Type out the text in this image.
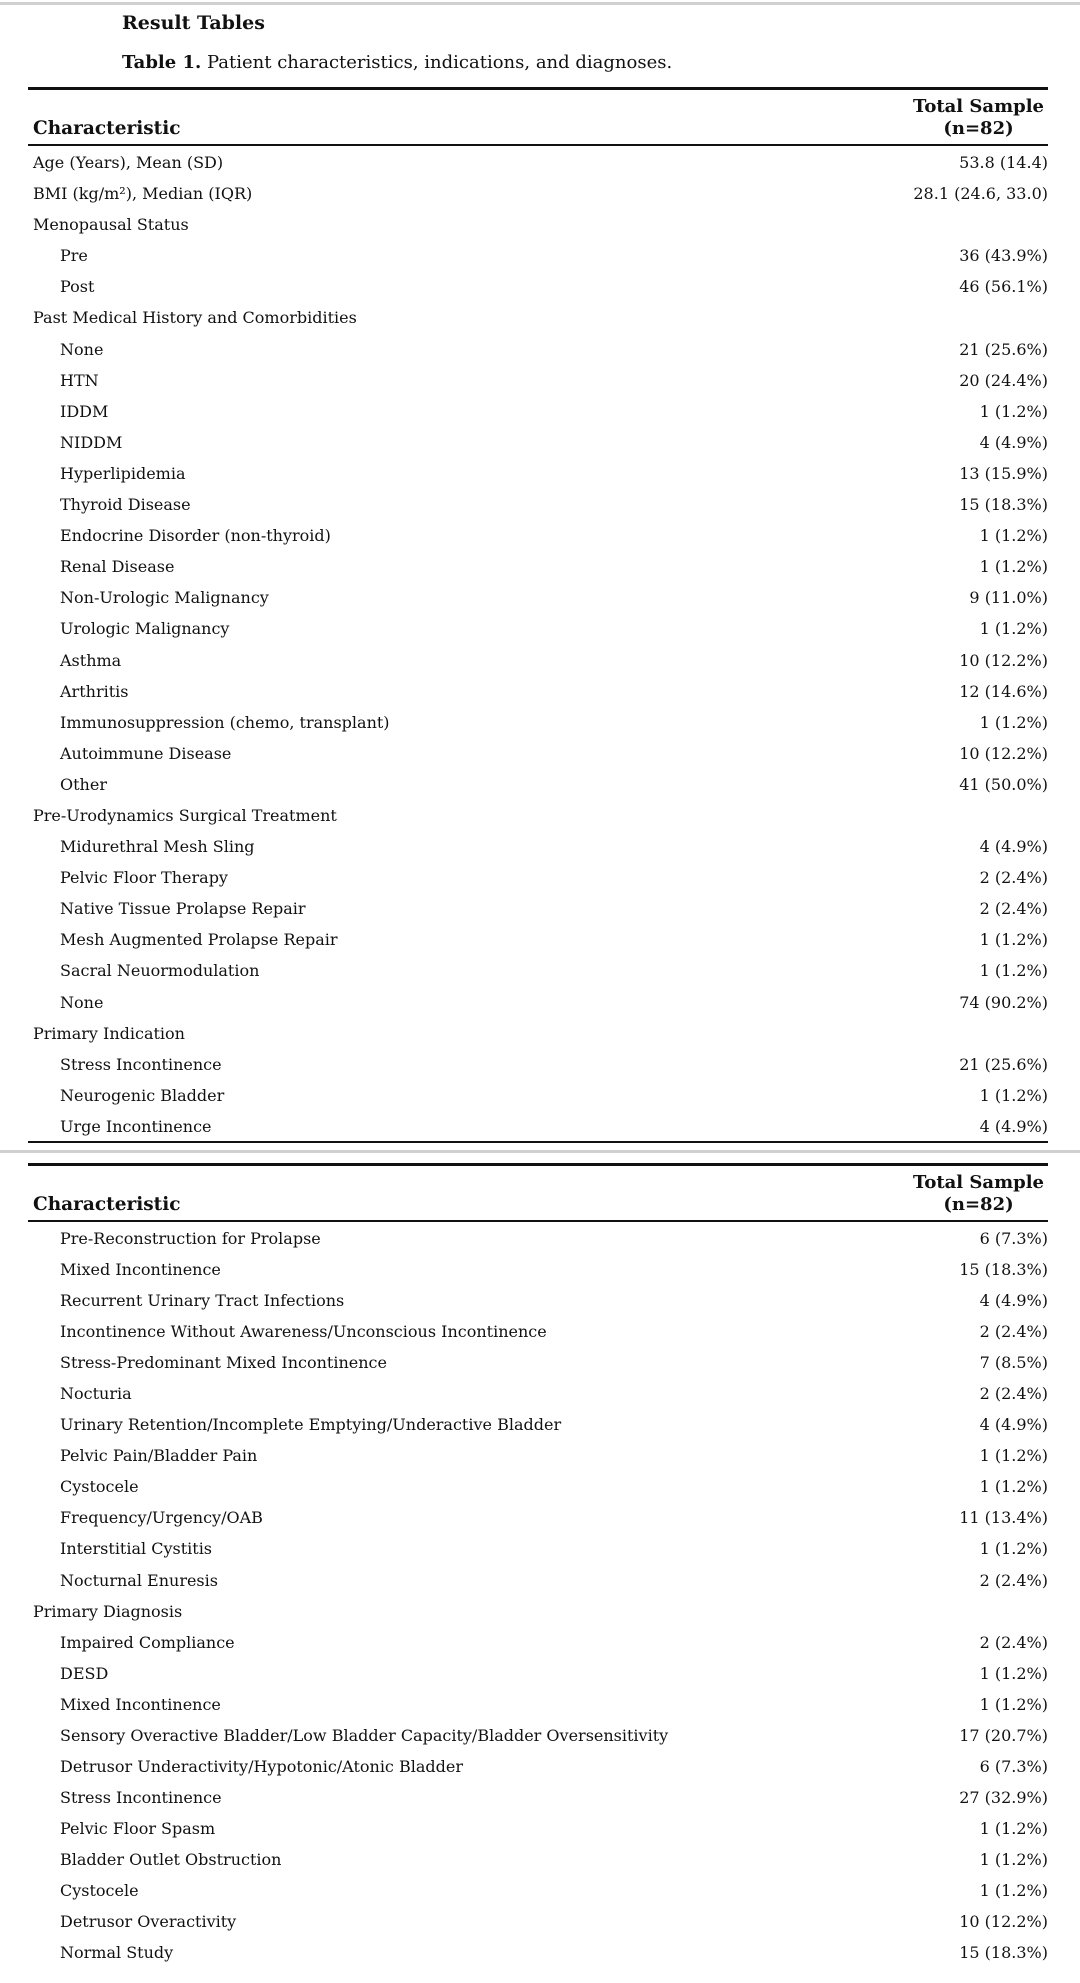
Result Tables
Table 1. Patient characteristics, indications, and diagnoses.
Characteristic
Total Sample
(n=82)
Age (Years), Mean (SD)	53.8 (14.4)
BMI (kg/m²), Median (IQR)	28.1 (24.6, 33.0)
Menopausal Status
Pre	36 (43.9%)
Post	46 (56.1%)
Past Medical History and Comorbidities
None	21 (25.6%)
HTN	20 (24.4%)
IDDM	1 (1.2%)
NIDDM	4 (4.9%)
Hyperlipidemia	13 (15.9%)
Thyroid Disease	15 (18.3%)
Endocrine Disorder (non-thyroid)	1 (1.2%)
Renal Disease	1 (1.2%)
Non-Urologic Malignancy	9 (11.0%)
Urologic Malignancy	1 (1.2%)
Asthma	10 (12.2%)
Arthritis	12 (14.6%)
Immunosuppression (chemo, transplant)	1 (1.2%)
Autoimmune Disease	10 (12.2%)
Other	41 (50.0%)
Pre-Urodynamics Surgical Treatment
Midurethral Mesh Sling	4 (4.9%)
Pelvic Floor Therapy	2 (2.4%)
Native Tissue Prolapse Repair	2 (2.4%)
Mesh Augmented Prolapse Repair	1 (1.2%)
Sacral Neuormodulation	1 (1.2%)
None	74 (90.2%)
Primary Indication
Stress Incontinence	21 (25.6%)
Neurogenic Bladder	1 (1.2%)
Urge Incontinence	4 (4.9%)
Characteristic
Total Sample
(n=82)
Pre-Reconstruction for Prolapse	6 (7.3%)
Mixed Incontinence	15 (18.3%)
Recurrent Urinary Tract Infections	4 (4.9%)
Incontinence Without Awareness/Unconscious Incontinence	2 (2.4%)
Stress-Predominant Mixed Incontinence	7 (8.5%)
Nocturia	2 (2.4%)
Urinary Retention/Incomplete Emptying/Underactive Bladder	4 (4.9%)
Pelvic Pain/Bladder Pain	1 (1.2%)
Cystocele	1 (1.2%)
Frequency/Urgency/OAB	11 (13.4%)
Interstitial Cystitis	1 (1.2%)
Nocturnal Enuresis	2 (2.4%)
Primary Diagnosis
Impaired Compliance	2 (2.4%)
DESD	1 (1.2%)
Mixed Incontinence	1 (1.2%)
Sensory Overactive Bladder/Low Bladder Capacity/Bladder Oversensitivity	17 (20.7%)
Detrusor Underactivity/Hypotonic/Atonic Bladder	6 (7.3%)
Stress Incontinence	27 (32.9%)
Pelvic Floor Spasm	1 (1.2%)
Bladder Outlet Obstruction	1 (1.2%)
Cystocele	1 (1.2%)
Detrusor Overactivity	10 (12.2%)
Normal Study	15 (18.3%)
